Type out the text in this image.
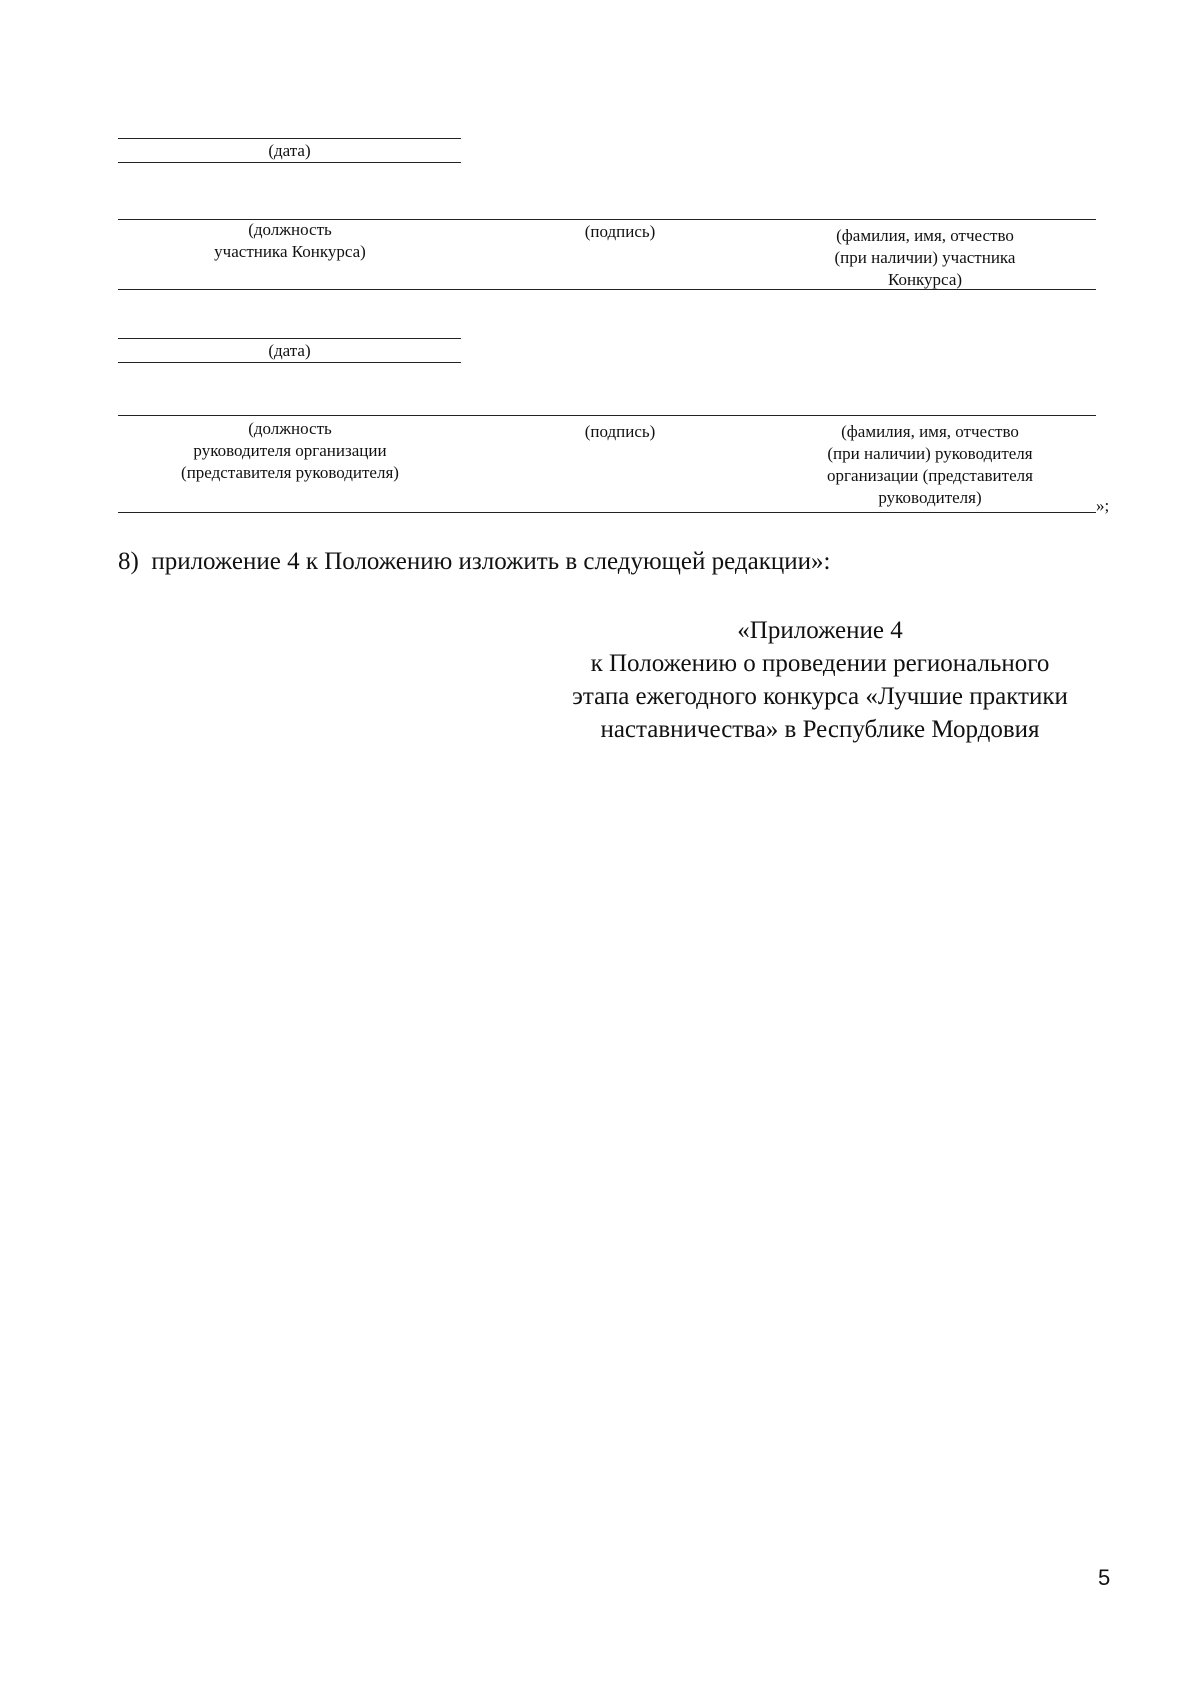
(дата)
(должность
участника Конкурса)
(подпись)	(фамилия, имя, отчество
(при наличии) участника
Конкурса)
(дата)
(должность
руководителя организации
(представителя руководителя)
(подпись)	(фамилия, имя, отчество
(при наличии) руководителя
организации (представителя
руководителя)	»;
8)  приложение 4 к Положению изложить в следующей редакции»:
«Приложение 4
к Положению о проведении регионального
этапа ежегодного конкурса «Лучшие практики
наставничества» в Республике Мордовия
5
